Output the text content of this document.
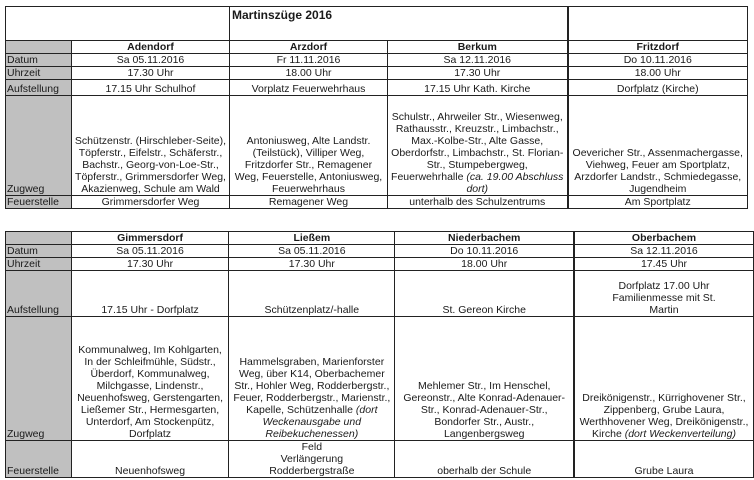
		Martinszüge 2016		
	Adendorf	Arzdorf	Berkum	Fritzdorf
Datum	Sa 05.11.2016	Fr 11.11.2016	Sa 12.11.2016	Do 10.11.2016
Uhrzeit	17.30 Uhr	18.00 Uhr	17.30 Uhr	18.00 Uhr
Aufstellung	17.15 Uhr Schulhof	Vorplatz Feuerwehrhaus	17.15 Uhr Kath. Kirche	Dorfplatz (Kirche)
Zugweg	Schützenstr. (Hirschleber-Seite), Töpferstr., Eifelstr., Schäferstr., Bachstr., Georg-von-Loe-Str., Töpferstr., Grimmersdorfer Weg, Akazienweg, Schule am Wald	Antoniusweg, Alte Landstr. (Teilstück), Villiper Weg, Fritzdorfer Str., Remagener Weg, Feuerstelle, Antoniusweg, Feuerwehrhaus	Schulstr., Ahrweiler Str., Wiesenweg, Rathausstr., Kreuzstr., Limbachstr., Max.-Kolbe-Str., Alte Gasse, Oberdorfstr., Limbachstr., St. Florian-Str., Stumpebergweg, Feuerwehrhalle (ca. 19.00 Abschluss dort)	Oevericher Str., Assenmachergasse, Viehweg, Feuer am Sportplatz, Arzdorfer Landstr., Schmiedegasse, Jugendheim
Feuerstelle	Grimmersdorfer Weg	Remagener Weg	unterhalb des Schulzentrums	Am Sportplatz
	Gimmersdorf	Ließem	Niederbachem	Oberbachem
Datum	Sa 05.11.2016	Sa 05.11.2016	Do 10.11.2016	Sa 12.11.2016
Uhrzeit	17.30 Uhr	17.30 Uhr	18.00 Uhr	17.45 Uhr
Aufstellung	17.15 Uhr - Dorfplatz	Schützenplatz/-halle	St. Gereon Kirche	Dorfplatz 17.00 Uhr Familienmesse mit St. Martin
Zugweg	Kommunalweg, Im Kohlgarten, In der Schleifmühle, Südstr., Überdorf, Kommunalweg, Milchgasse, Lindenstr., Neuenhofsweg, Gerstengarten, Ließemer Str., Hermesgarten, Unterdorf, Am Stockenpütz, Dorfplatz	Hammelsgraben, Marienforster Weg, über K14, Oberbachemer Str., Hohler Weg, Rodderbergstr., Feuer, Rodderbergstr., Marienstr., Kapelle, Schützenhalle (dort Weckenausgabe und Reibekuchenessen)	Mehlemer Str., Im Henschel, Gereonstr., Alte Konrad-Adenauer-Str., Konrad-Adenauer-Str., Bondorfer Str., Austr., Langenbergsweg	Dreikönigenstr., Kürrighovener Str., Zippenberg, Grube Laura, Werthhovener Weg, Dreikönigenstr., Kirche (dort Weckenverteilung)
Feuerstelle	Neuenhofsweg	Feld Verlängerung Rodderbergstraße	oberhalb der Schule	Grube Laura
